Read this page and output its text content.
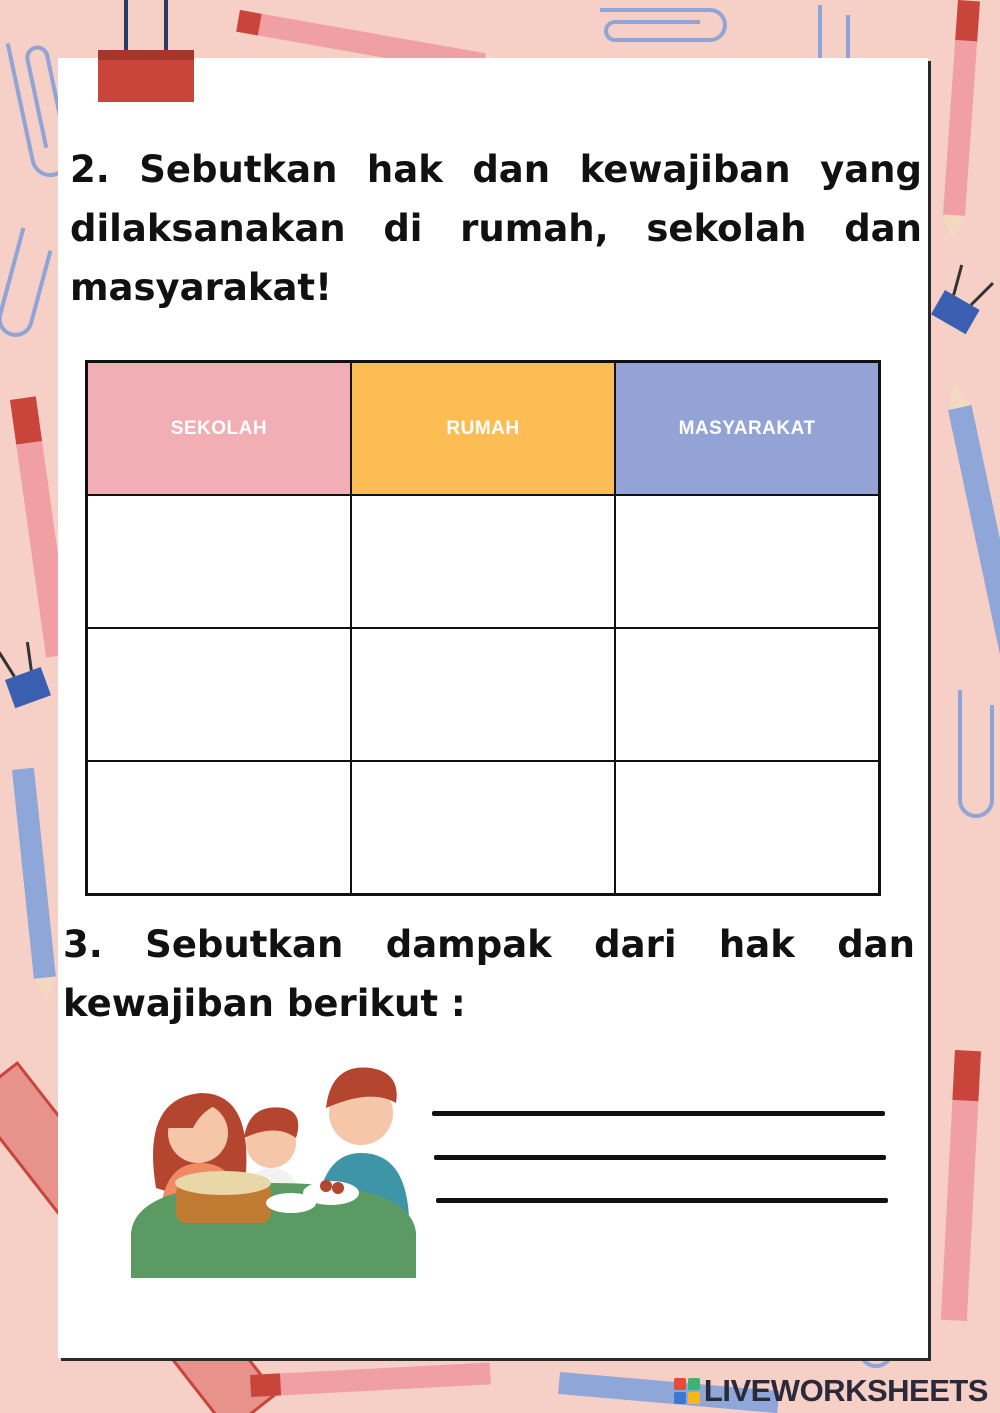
2. Sebutkan hak dan kewajiban yang dilaksanakan di rumah, sekolah dan masyarakat!

SEKOLAH	RUMAH	MASYARAKAT

3. Sebutkan dampak dari hak dan kewajiban berikut :

LIVEWORKSHEETS
